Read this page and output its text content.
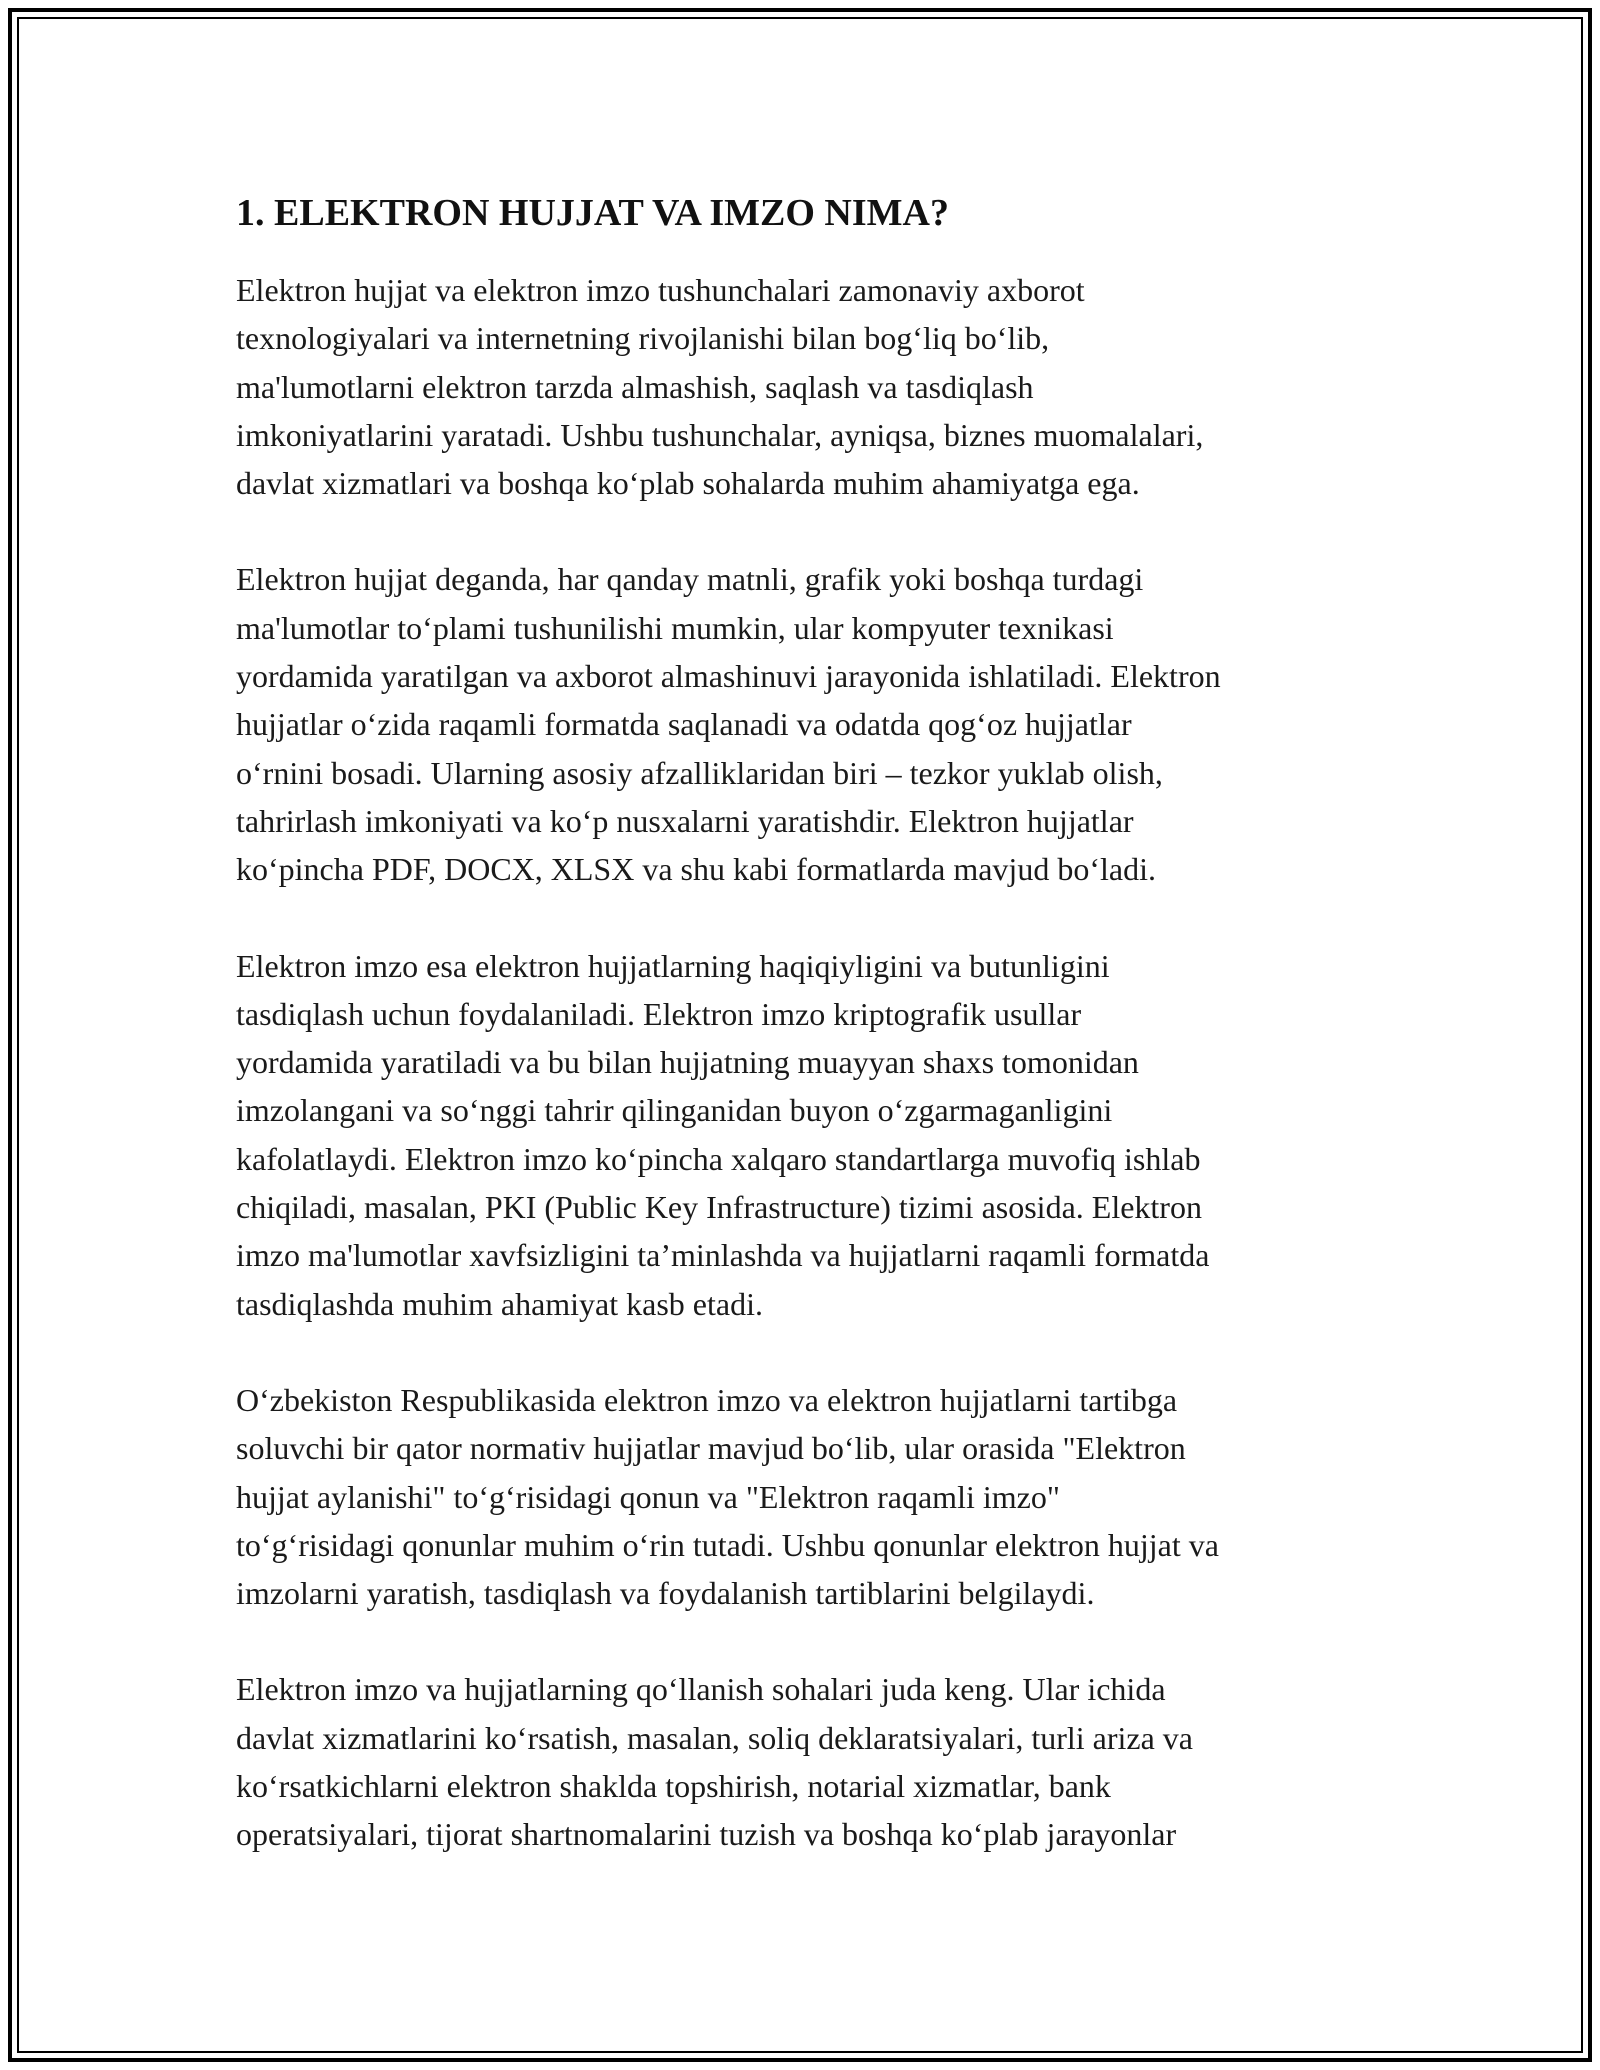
1. ELEKTRON HUJJAT VA IMZO NIMA?

Elektron hujjat va elektron imzo tushunchalari zamonaviy axborot
texnologiyalari va internetning rivojlanishi bilan bog‘liq bo‘lib,
ma'lumotlarni elektron tarzda almashish, saqlash va tasdiqlash
imkoniyatlarini yaratadi. Ushbu tushunchalar, ayniqsa, biznes muomalalari,
davlat xizmatlari va boshqa ko‘plab sohalarda muhim ahamiyatga ega.

Elektron hujjat deganda, har qanday matnli, grafik yoki boshqa turdagi
ma'lumotlar to‘plami tushunilishi mumkin, ular kompyuter texnikasi
yordamida yaratilgan va axborot almashinuvi jarayonida ishlatiladi. Elektron
hujjatlar o‘zida raqamli formatda saqlanadi va odatda qog‘oz hujjatlar
o‘rnini bosadi. Ularning asosiy afzalliklaridan biri – tezkor yuklab olish,
tahrirlash imkoniyati va ko‘p nusxalarni yaratishdir. Elektron hujjatlar
ko‘pincha PDF, DOCX, XLSX va shu kabi formatlarda mavjud bo‘ladi.

Elektron imzo esa elektron hujjatlarning haqiqiyligini va butunligini
tasdiqlash uchun foydalaniladi. Elektron imzo kriptografik usullar
yordamida yaratiladi va bu bilan hujjatning muayyan shaxs tomonidan
imzolangani va so‘nggi tahrir qilinganidan buyon o‘zgarmaganligini
kafolatlaydi. Elektron imzo ko‘pincha xalqaro standartlarga muvofiq ishlab
chiqiladi, masalan, PKI (Public Key Infrastructure) tizimi asosida. Elektron
imzo ma'lumotlar xavfsizligini ta’minlashda va hujjatlarni raqamli formatda
tasdiqlashda muhim ahamiyat kasb etadi.

O‘zbekiston Respublikasida elektron imzo va elektron hujjatlarni tartibga
soluvchi bir qator normativ hujjatlar mavjud bo‘lib, ular orasida "Elektron
hujjat aylanishi" to‘g‘risidagi qonun va "Elektron raqamli imzo"
to‘g‘risidagi qonunlar muhim o‘rin tutadi. Ushbu qonunlar elektron hujjat va
imzolarni yaratish, tasdiqlash va foydalanish tartiblarini belgilaydi.

Elektron imzo va hujjatlarning qo‘llanish sohalari juda keng. Ular ichida
davlat xizmatlarini ko‘rsatish, masalan, soliq deklaratsiyalari, turli ariza va
ko‘rsatkichlarni elektron shaklda topshirish, notarial xizmatlar, bank
operatsiyalari, tijorat shartnomalarini tuzish va boshqa ko‘plab jarayonlar
